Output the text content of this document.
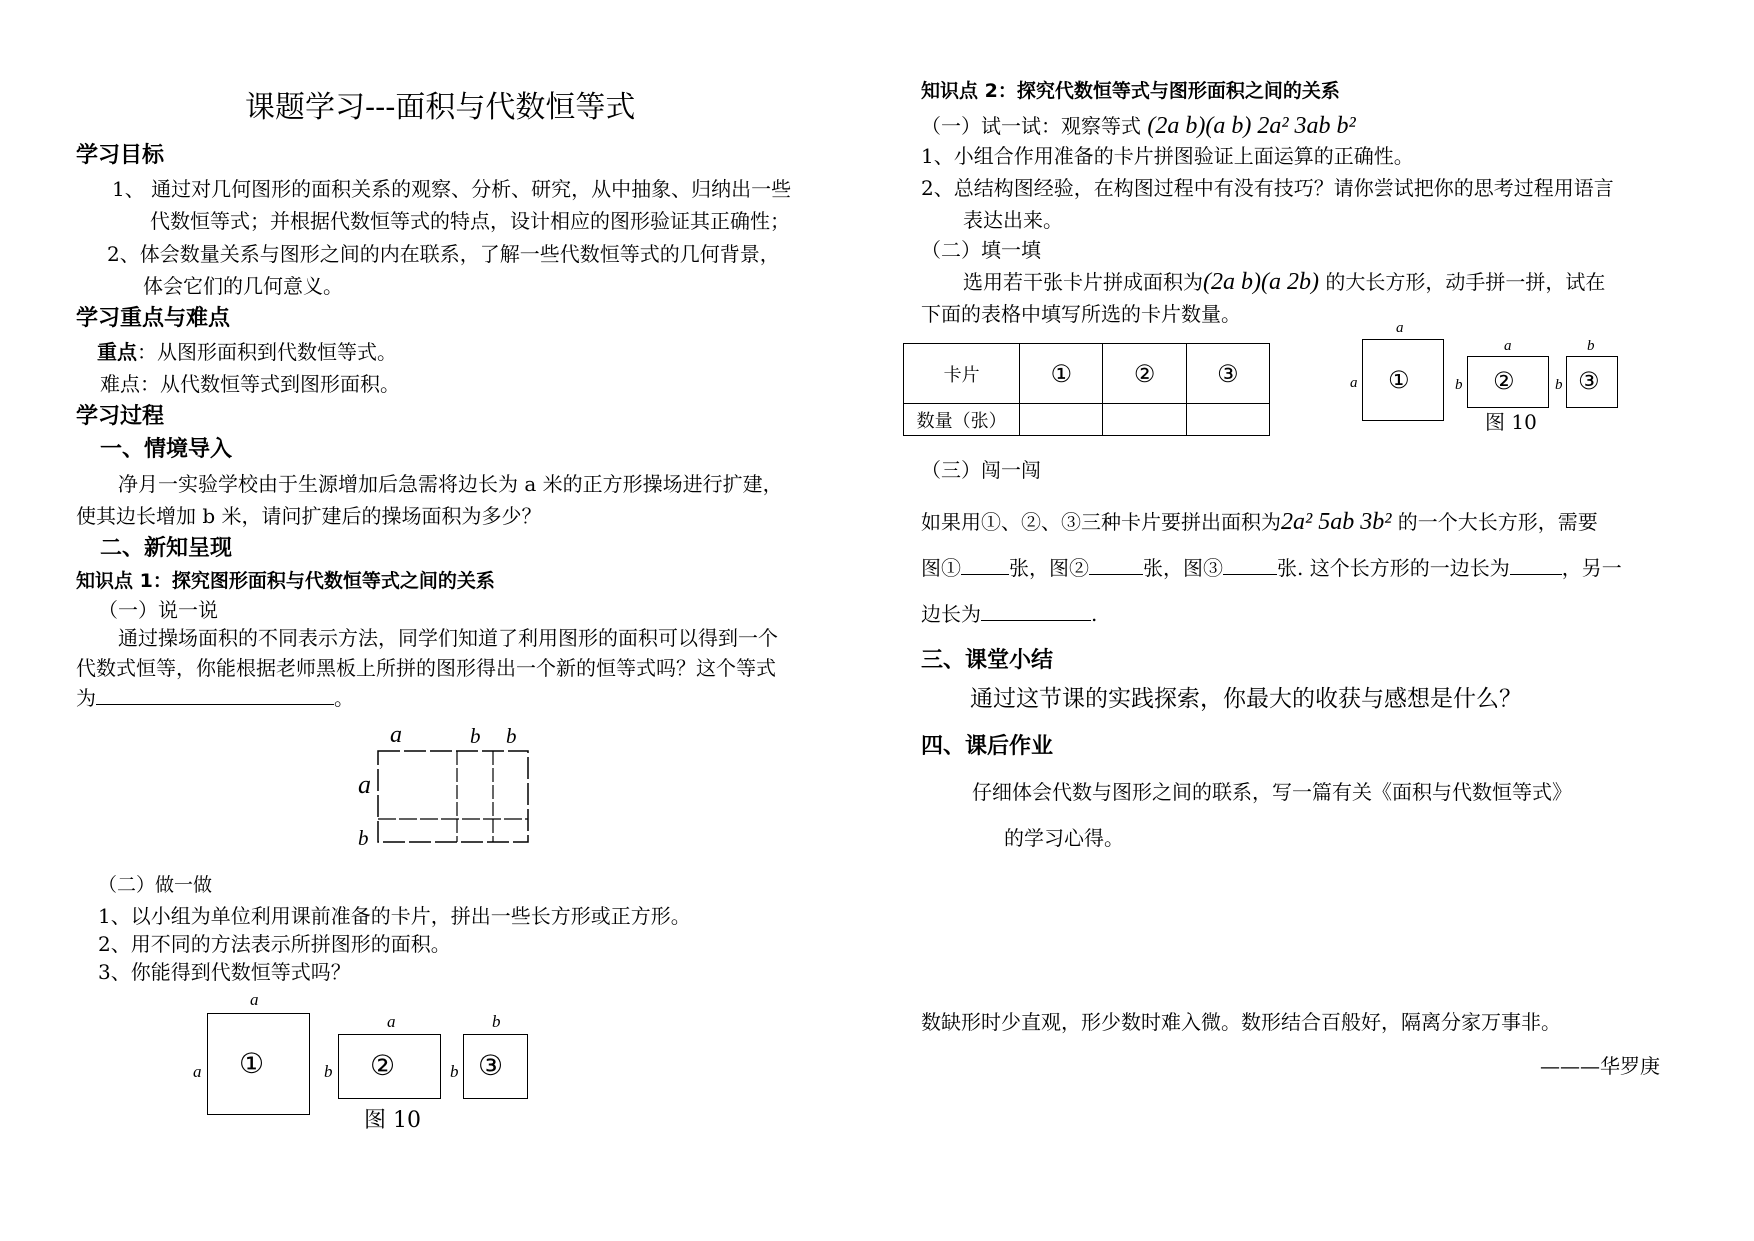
课题学习---面积与代数恒等式
学习目标
1、 通过对几何图形的面积关系的观察、分析、研究，从中抽象、归纳出一些
代数恒等式；并根据代数恒等式的特点，设计相应的图形验证其正确性；
2、体会数量关系与图形之间的内在联系，了解一些代数恒等式的几何背景，
体会它们的几何意义。
学习重点与难点
重点：从图形面积到代数恒等式。
难点：从代数恒等式到图形面积。
学习过程
一、情境导入
净月一实验学校由于生源增加后急需将边长为 a 米的正方形操场进行扩建，
使其边长增加 b 米，请问扩建后的操场面积为多少？
二、新知呈现
知识点 1：探究图形面积与代数恒等式之间的关系
（一）说一说
通过操场面积的不同表示方法，同学们知道了利用图形的面积可以得到一个
代数式恒等，你能根据老师黑板上所拼的图形得出一个新的恒等式吗？这个等式
为	。
a	b b
a
b
（二）做一做
1、以小组为单位利用课前准备的卡片，拼出一些长方形或正方形。
2、用不同的方法表示所拼图形的面积。
3、你能得到代数恒等式吗？
a
a ①
a
b ②
b
b ③
图 10
知识点 2：探究代数恒等式与图形面积之间的关系
（一）试一试：观察等式 (2a b)(a b) 2a² 3ab b²
1、小组合作用准备的卡片拼图验证上面运算的正确性。
2、总结构图经验，在构图过程中有没有技巧？请你尝试把你的思考过程用语言
表达出来。
（二）填一填
选用若干张卡片拼成面积为(2a b)(a 2b) 的大长方形，动手拼一拼，试在
下面的表格中填写所选的卡片数量。
卡片	①	②	③
数量（张）			
a
a ①
a
b ②
b
b ③
图 10
（三）闯一闯
如果用①、②、③三种卡片要拼出面积为2a² 5ab 3b² 的一个大长方形，需要
图① 张，图②	张，图③	张. 这个长方形的一边长为	，另一
边长为	.
三、课堂小结
通过这节课的实践探索，你最大的收获与感想是什么？
四、课后作业
仔细体会代数与图形之间的联系，写一篇有关《面积与代数恒等式》
的学习心得。
数缺形时少直观，形少数时难入微。数形结合百般好，隔离分家万事非。
———华罗庚
